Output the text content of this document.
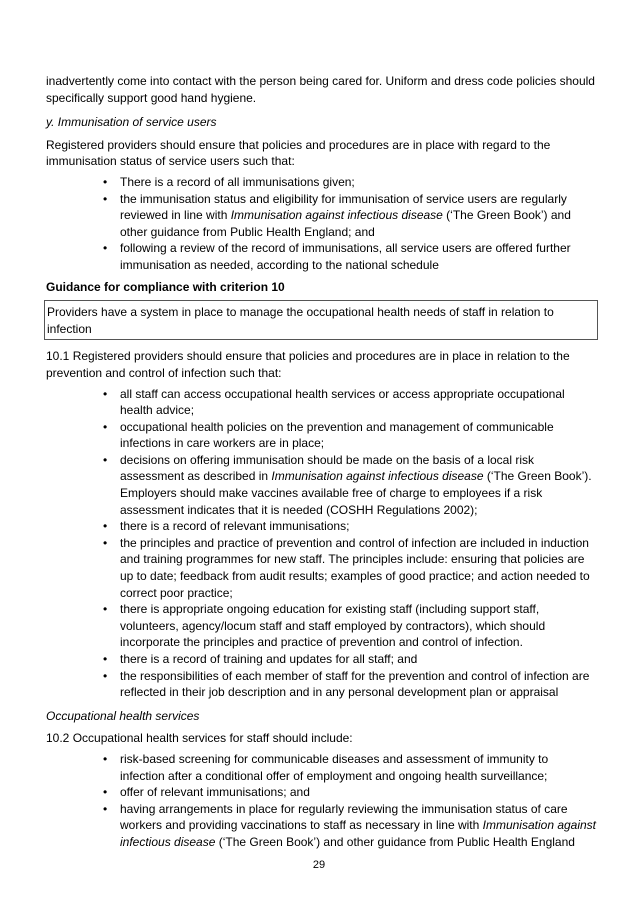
inadvertently come into contact with the person being cared for. Uniform and dress code policies should specifically support good hand hygiene.

y. Immunisation of service users

Registered providers should ensure that policies and procedures are in place with regard to the immunisation status of service users such that:

• There is a record of all immunisations given;
• the immunisation status and eligibility for immunisation of service users are regularly reviewed in line with Immunisation against infectious disease (‘The Green Book’) and other guidance from Public Health England; and
• following a review of the record of immunisations, all service users are offered further immunisation as needed, according to the national schedule

Guidance for compliance with criterion 10

Providers have a system in place to manage the occupational health needs of staff in relation to infection

10.1 Registered providers should ensure that policies and procedures are in place in relation to the prevention and control of infection such that:

• all staff can access occupational health services or access appropriate occupational health advice;
• occupational health policies on the prevention and management of communicable infections in care workers are in place;
• decisions on offering immunisation should be made on the basis of a local risk assessment as described in Immunisation against infectious disease (‘The Green Book’). Employers should make vaccines available free of charge to employees if a risk assessment indicates that it is needed (COSHH Regulations 2002);
• there is a record of relevant immunisations;
• the principles and practice of prevention and control of infection are included in induction and training programmes for new staff. The principles include: ensuring that policies are up to date; feedback from audit results; examples of good practice; and action needed to correct poor practice;
• there is appropriate ongoing education for existing staff (including support staff, volunteers, agency/locum staff and staff employed by contractors), which should incorporate the principles and practice of prevention and control of infection.
• there is a record of training and updates for all staff; and
• the responsibilities of each member of staff for the prevention and control of infection are reflected in their job description and in any personal development plan or appraisal

Occupational health services

10.2 Occupational health services for staff should include:

• risk-based screening for communicable diseases and assessment of immunity to infection after a conditional offer of employment and ongoing health surveillance;
• offer of relevant immunisations; and
• having arrangements in place for regularly reviewing the immunisation status of care workers and providing vaccinations to staff as necessary in line with Immunisation against infectious disease (‘The Green Book’) and other guidance from Public Health England
29
